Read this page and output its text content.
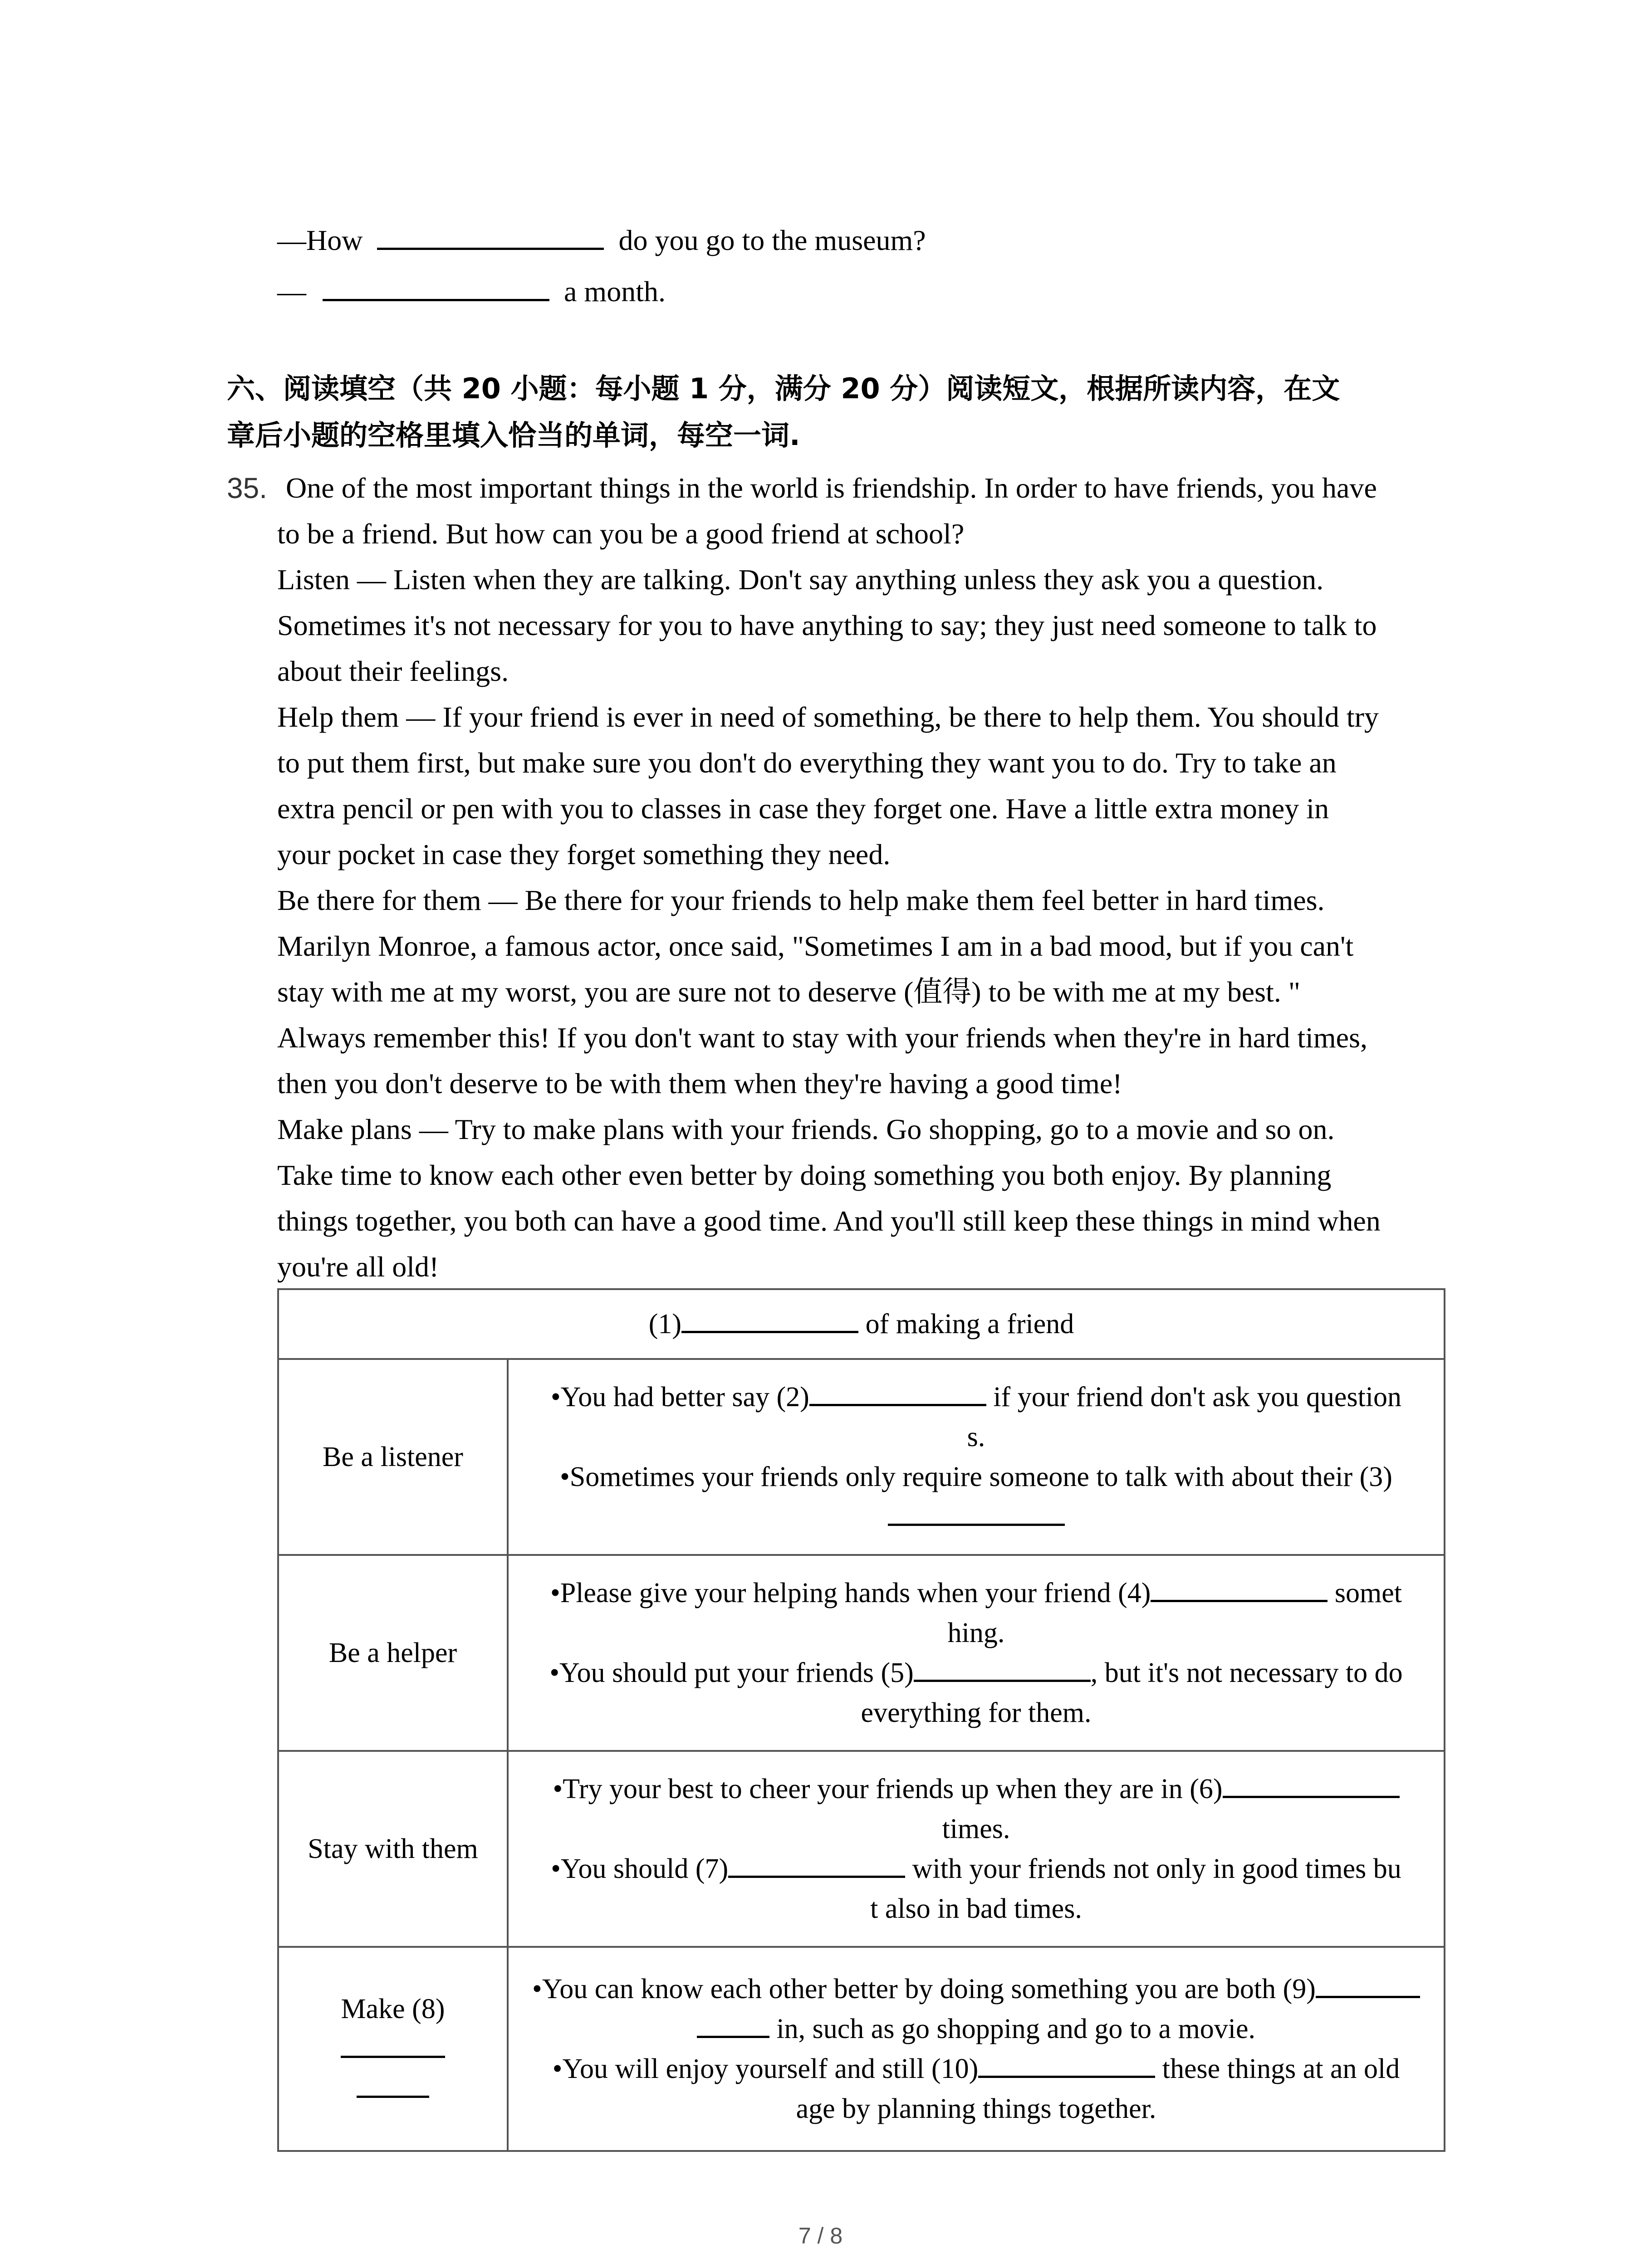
—How	do you go to the museum?
—	a month.
六、阅读填空（共 20 小题：每小题 1 分，满分 20 分）阅读短文，根据所读内容，在文
章后小题的空格里填入恰当的单词，每空一词.
35. One of the most important things in the world is friendship. In order to have friends, you have
to be a friend. But how can you be a good friend at school?
Listen — Listen when they are talking. Don't say anything unless they ask you a question.
Sometimes it's not necessary for you to have anything to say; they just need someone to talk to
about their feelings.
Help them — If your friend is ever in need of something, be there to help them. You should try
to put them first, but make sure you don't do everything they want you to do. Try to take an
extra pencil or pen with you to classes in case they forget one. Have a little extra money in
your pocket in case they forget something they need.
Be there for them — Be there for your friends to help make them feel better in hard times.
Marilyn Monroe, a famous actor, once said, "Sometimes I am in a bad mood, but if you can't
stay with me at my worst, you are sure not to deserve (值得) to be with me at my best. "
Always remember this! If you don't want to stay with your friends when they're in hard times,
then you don't deserve to be with them when they're having a good time!
Make plans — Try to make plans with your friends. Go shopping, go to a movie and so on.
Take time to know each other even better by doing something you both enjoy. By planning
things together, you both can have a good time. And you'll still keep these things in mind when
you're all old!
(1) of making a friend	
Be a listener	•You had better say (2) if your friend don't ask you question
s.
•Sometimes your friends only require someone to talk with about their (3)

Be a helper	•Please give your helping hands when your friend (4) somet
hing.
•You should put your friends (5) , but it's not necessary to do
everything for them.

Stay with them	•Try your best to cheer your friends up when they are in (6)
times.
•You should (7) with your friends not only in good times bu
t also in bad times.

Make (8)	•You can know each other better by doing something you are both (9)
in, such as go shopping and go to a movie.
•You will enjoy yourself and still (10) these things at an old
age by planning things together.
7 / 8
